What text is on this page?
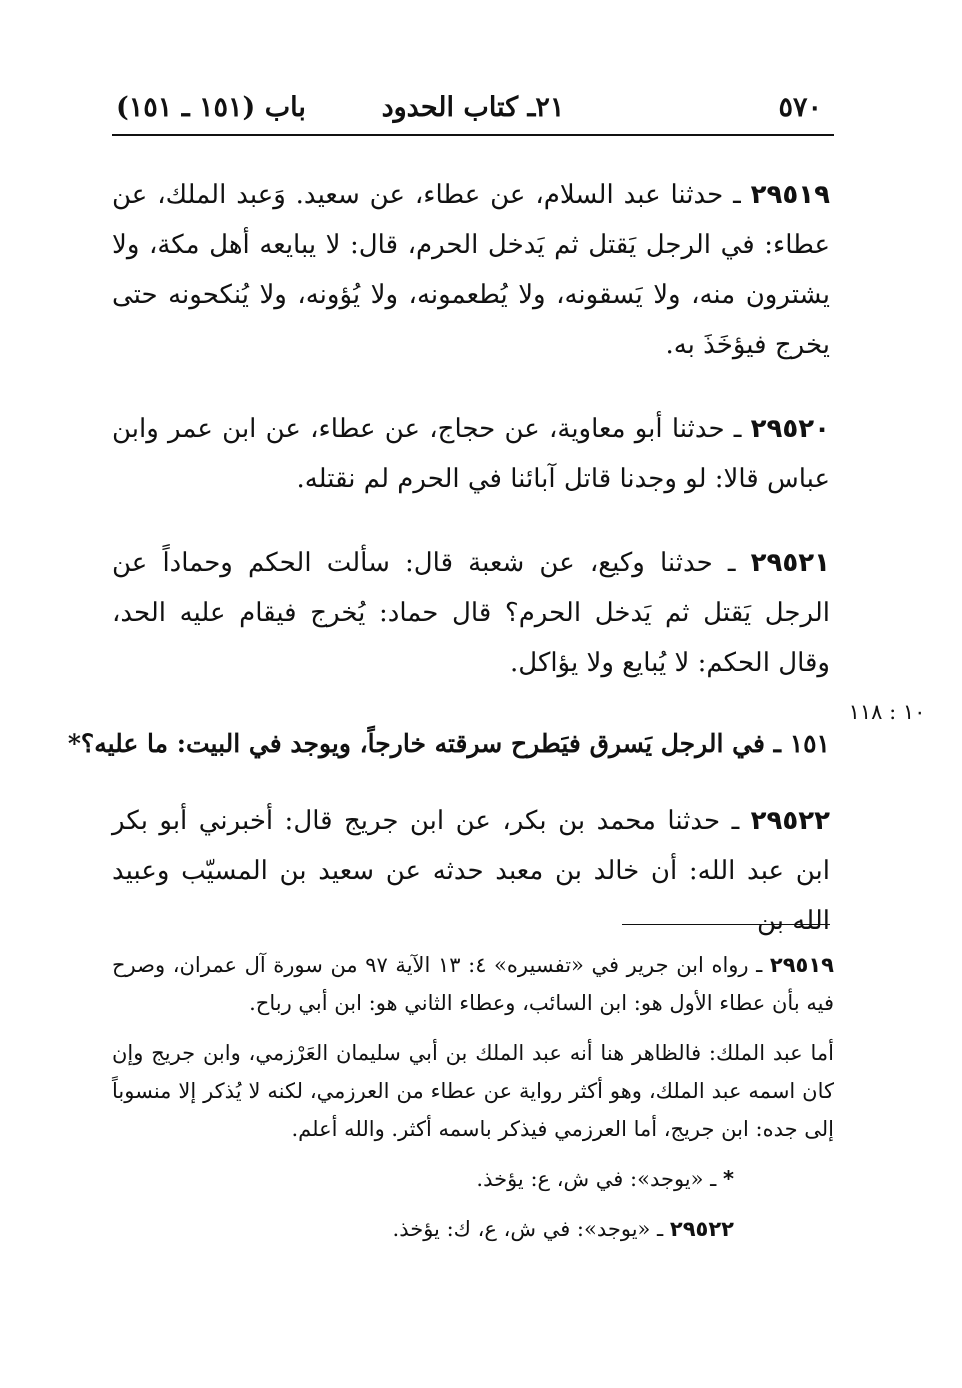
٥٧٠
٢١ـ كتاب الحدود
باب (١٥١ ـ ١٥١)
١٠ : ١١٨

٢٩٥١٩ ـ حدثنا عبد السلام، عن عطاء، عن سعيد. وَعبد الملك، عن عطاء: في الرجل يَقتل ثم يَدخل الحرم، قال: لا يبايعه أهل مكة، ولا يشترون منه، ولا يَسقونه، ولا يُطعمونه، ولا يُؤونه، ولا يُنكحونه حتى يخرج فيؤخَذَ به.

٢٩٥٢٠ ـ حدثنا أبو معاوية، عن حجاج، عن عطاء، عن ابن عمر وابن عباس قالا: لو وجدنا قاتل آبائنا في الحرم لم نقتله.

٢٩٥٢١ ـ حدثنا وكيع، عن شعبة قال: سألت الحكم وحماداً عن الرجل يَقتل ثم يَدخل الحرم؟ قال حماد: يُخرج فيقام عليه الحد، وقال الحكم: لا يُبايع ولا يؤاكل.

١٥١ ـ في الرجل يَسرق فيَطرح سرقته خارجاً، ويوجد في البيت: ما عليه؟*

٢٩٥٢٢ ـ حدثنا محمد بن بكر، عن ابن جريج قال: أخبرني أبو بكر ابن عبد الله: أن خالد بن معبد حدثه عن سعيد بن المسيّب وعبيد الله بن

٢٩٥١٩ ـ رواه ابن جرير في «تفسيره» ٤: ١٣ الآية ٩٧ من سورة آل عمران، وصرح فيه بأن عطاء الأول هو: ابن السائب، وعطاء الثاني هو: ابن أبي رباح.

أما عبد الملك: فالظاهر هنا أنه عبد الملك بن أبي سليمان العَرْزمي، وابن جريج وإن كان اسمه عبد الملك، وهو أكثر رواية عن عطاء من العرزمي، لكنه لا يُذكر إلا منسوباً إلى جده: ابن جريج، أما العرزمي فيذكر باسمه أكثر. والله أعلم.

* ـ «يوجد»: في ش، ع: يؤخذ.

٢٩٥٢٢ ـ «يوجد»: في ش، ع، ك: يؤخذ.
